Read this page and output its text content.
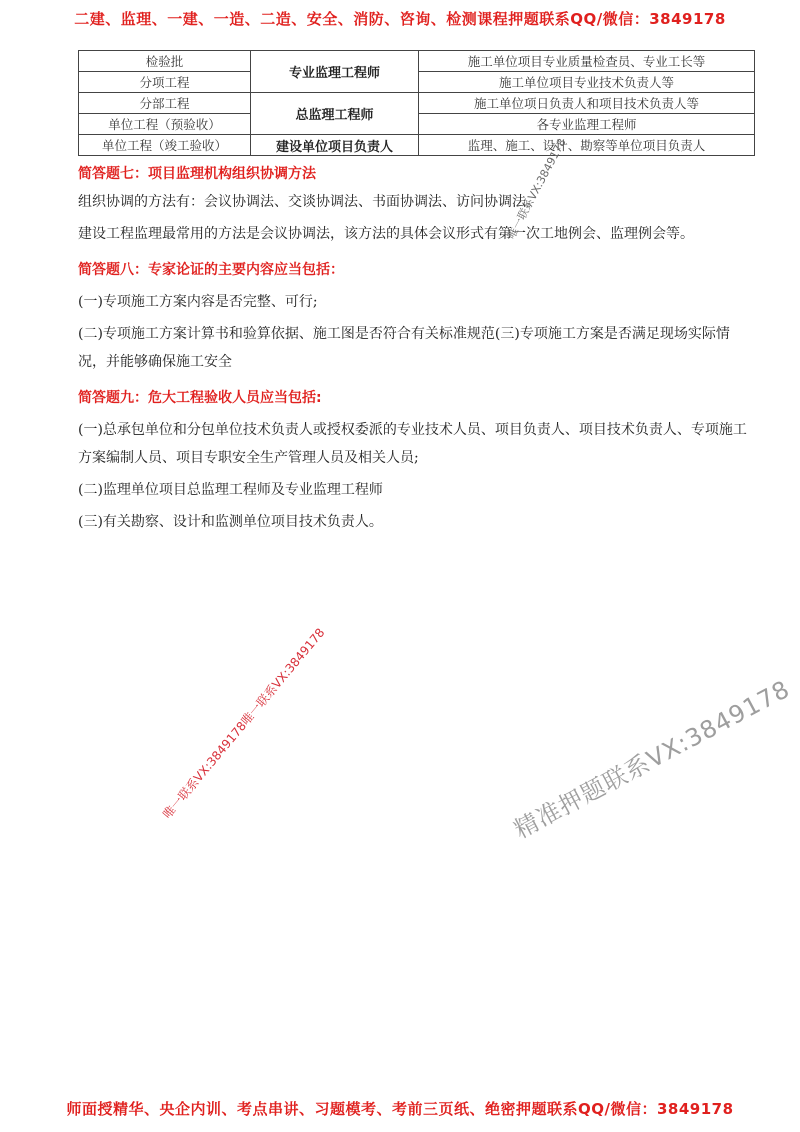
二建、监理、一建、一造、二造、安全、消防、咨询、检测课程押题联系QQ/微信：3849178
检验批	专业监理工程师	施工单位项目专业质量检查员、专业工长等
分项工程		施工单位项目专业技术负责人等
分部工程	总监理工程师	施工单位项日负责人和项目技术负责人等
单位工程（预验收）		各专业监理工程师
单位工程（竣工验收）	建设单位项目负责人	监理、施工、设计、勘察等单位项目负责人
简答题七：项目监理机构组织协调方法

组织协调的方法有：会议协调法、交谈协调法、书面协调法、访问协调法。

建设工程监理最常用的方法是会议协调法，该方法的具体会议形式有第一次工地例会、监理例会等。

简答题八：专家论证的主要内容应当包括：

(一)专项施工方案内容是否完整、可行;

(二)专项施工方案计算书和验算依据、施工图是否符合有关标准规范(三)专项施工方案是否满足现场实际情况，并能够确保施工安全

简答题九：危大工程验收人员应当包括:

(一)总承包单位和分包单位技术负责人或授权委派的专业技术人员、项目负责人、项目技术负责人、专项施工方案编制人员、项目专职安全生产管理人员及相关人员;

(二)监理单位项目总监理工程师及专业监理工程师

(三)有关勘察、设计和监测单位项目技术负责人。

唯一联系VX:3849178
唯一联系VX:3849178唯一联系VX:3849178	精准押题联系VX:3849178
师面授精华、央企内训、考点串讲、习题模考、考前三页纸、绝密押题联系QQ/微信：3849178
